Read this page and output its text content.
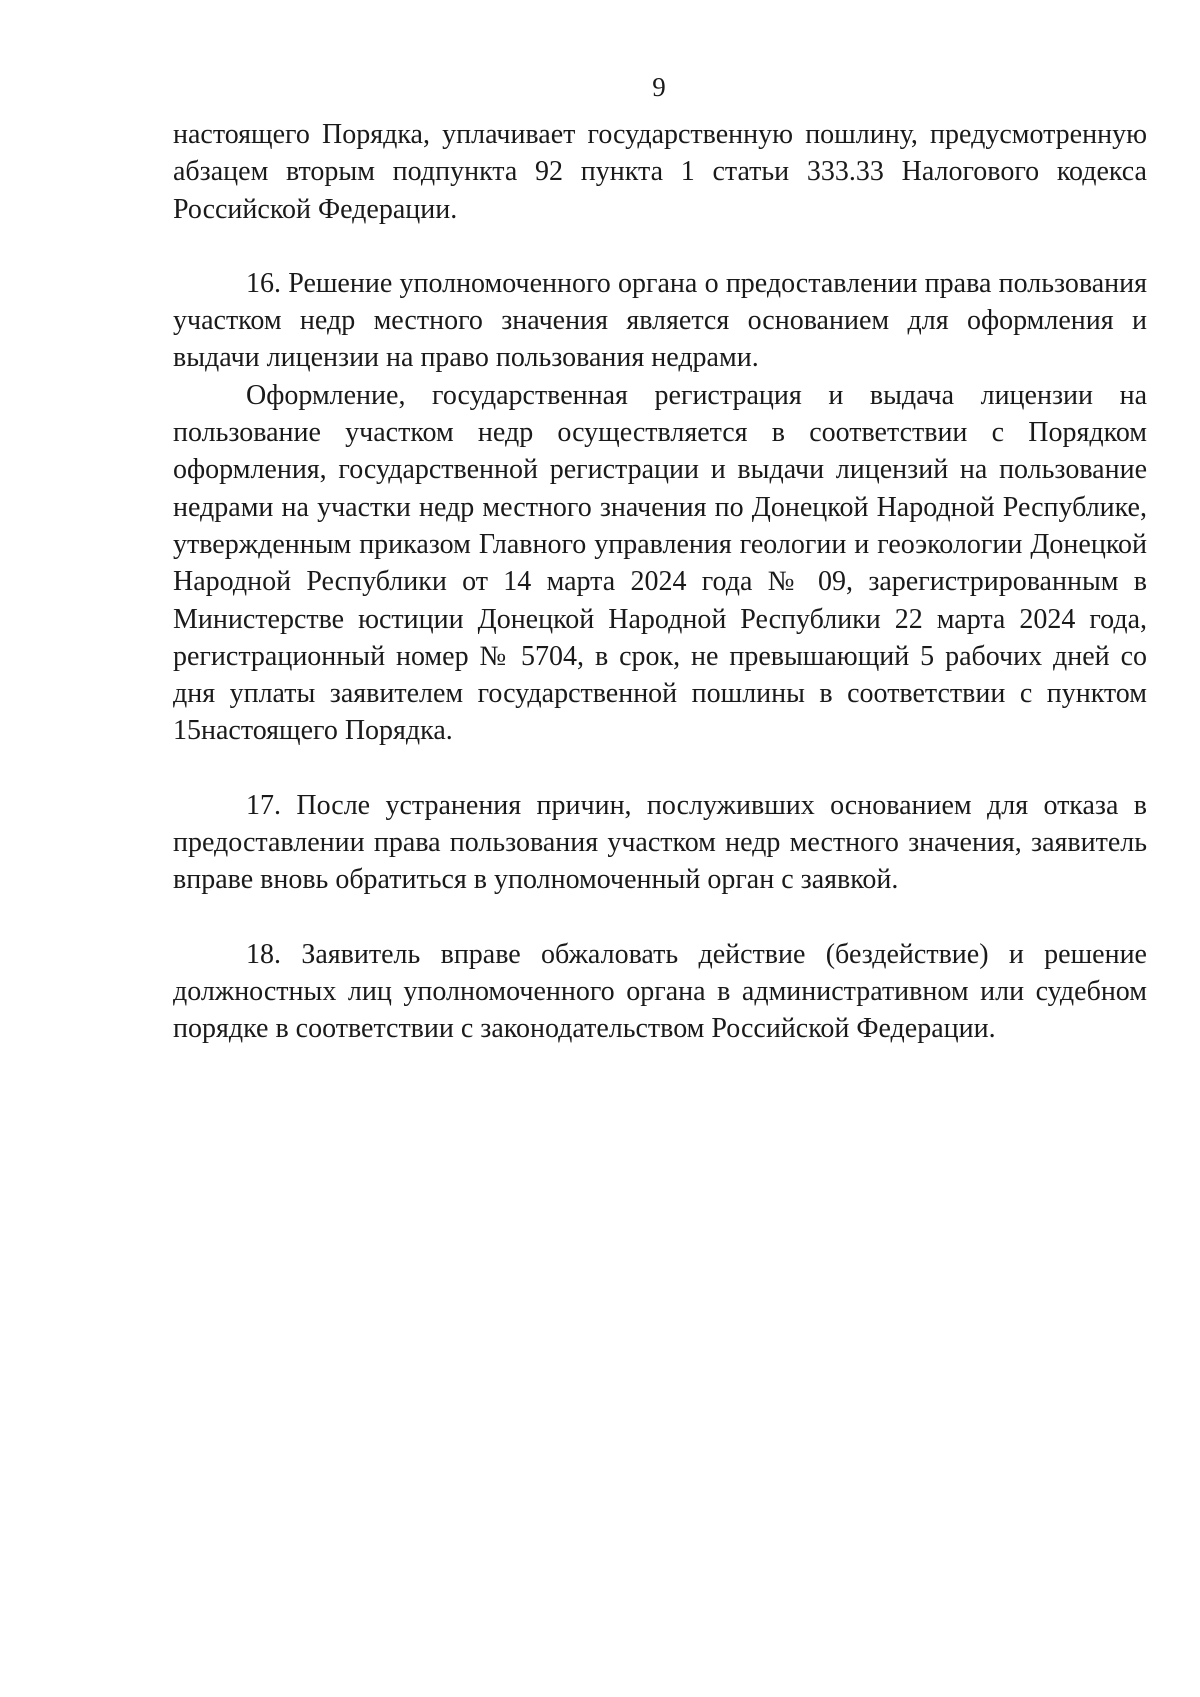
9

настоящего Порядка, уплачивает государственную пошлину, предусмотренную абзацем вторым подпункта 92 пункта 1 статьи 333.33 Налогового кодекса Российской Федерации.

16. Решение уполномоченного органа о предоставлении права пользования участком недр местного значения является основанием для оформления и выдачи лицензии на право пользования недрами.

Оформление, государственная регистрация и выдача лицензии на пользование участком недр осуществляется в соответствии с Порядком оформления, государственной регистрации и выдачи лицензий на пользование недрами на участки недр местного значения по Донецкой Народной Республике, утвержденным приказом Главного управления геологии и геоэкологии Донецкой Народной Республики от 14 марта 2024 года № 09, зарегистрированным в Министерстве юстиции Донецкой Народной Республики 22 марта 2024 года, регистрационный номер № 5704, в срок, не превышающий 5 рабочих дней со дня уплаты заявителем государственной пошлины в соответствии с пунктом 15настоящего Порядка.

17. После устранения причин, послуживших основанием для отказа в предоставлении права пользования участком недр местного значения, заявитель вправе вновь обратиться в уполномоченный орган с заявкой.

18. Заявитель вправе обжаловать действие (бездействие) и решение должностных лиц уполномоченного органа в административном или судебном порядке в соответствии с законодательством Российской Федерации.
